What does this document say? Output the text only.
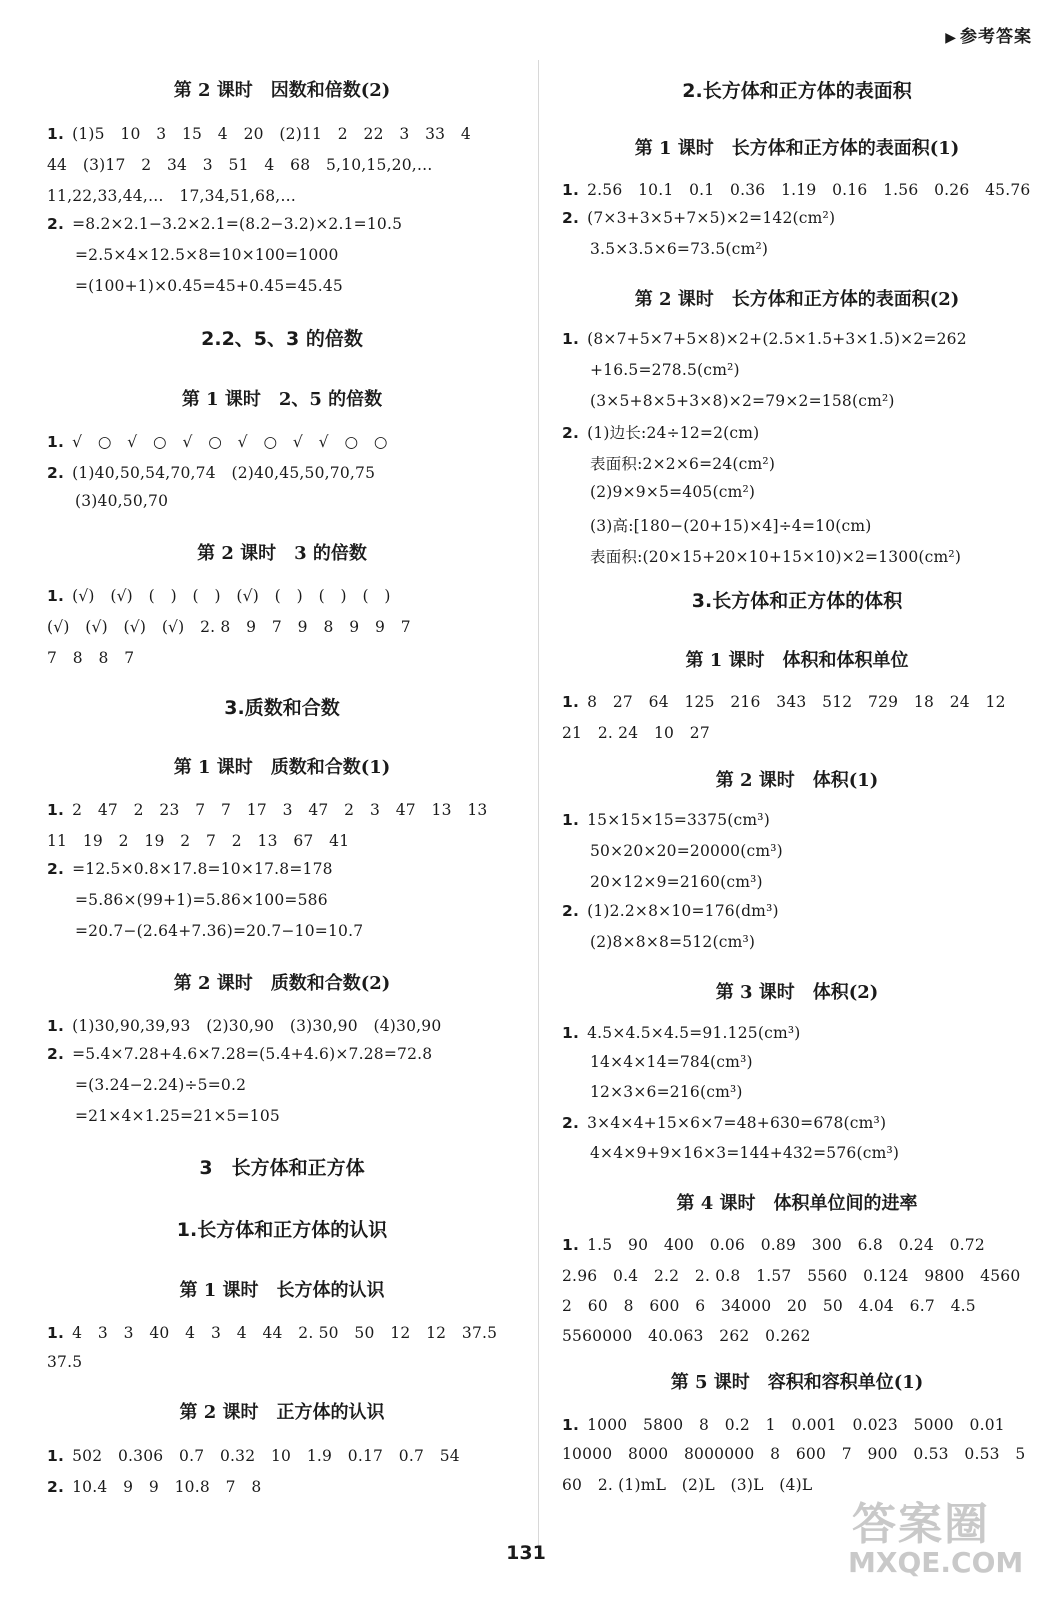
▶ 参考答案
第 2 课时　因数和倍数(2)
1. (1)5　10　3　15　4　20　(2)11　2　22　3　33　4
44　(3)17　2　34　3　51　4　68　5,10,15,20,…
11,22,33,44,…　17,34,51,68,…
2. =8.2×2.1−3.2×2.1=(8.2−3.2)×2.1=10.5
=2.5×4×12.5×8=10×100=1000
=(100+1)×0.45=45+0.45=45.45
2.2、5、3 的倍数
第 1 课时　2、5 的倍数
1. √　○　√　○　√　○　√　○　√　√　○　○
2. (1)40,50,54,70,74　(2)40,45,50,70,75
(3)40,50,70
第 2 课时　3 的倍数
1. (√)　(√)　(　)　(　)　(√)　(　)　(　)　(　)
(√)　(√)　(√)　(√)　2. 8　9　7　9　8　9　9　7
7　8　8　7
3.质数和合数
第 1 课时　质数和合数(1)
1. 2　47　2　23　7　7　17　3　47　2　3　47　13　13
11　19　2　19　2　7　2　13　67　41
2. =12.5×0.8×17.8=10×17.8=178
=5.86×(99+1)=5.86×100=586
=20.7−(2.64+7.36)=20.7−10=10.7
第 2 课时　质数和合数(2)
1. (1)30,90,39,93　(2)30,90　(3)30,90　(4)30,90
2. =5.4×7.28+4.6×7.28=(5.4+4.6)×7.28=72.8
=(3.24−2.24)÷5=0.2
=21×4×1.25=21×5=105
3　长方体和正方体
1.长方体和正方体的认识
第 1 课时　长方体的认识
1. 4　3　3　40　4　3　4　44　2. 50　50　12　12　37.5
37.5
第 2 课时　正方体的认识
1. 502　0.306　0.7　0.32　10　1.9　0.17　0.7　54
2. 10.4　9　9　10.8　7　8
2.长方体和正方体的表面积
第 1 课时　长方体和正方体的表面积(1)
1. 2.56　10.1　0.1　0.36　1.19　0.16　1.56　0.26　45.76
2. (7×3+3×5+7×5)×2=142(cm²)
3.5×3.5×6=73.5(cm²)
第 2 课时　长方体和正方体的表面积(2)
1. (8×7+5×7+5×8)×2+(2.5×1.5+3×1.5)×2=262
+16.5=278.5(cm²)
(3×5+8×5+3×8)×2=79×2=158(cm²)
2. (1)边长:24÷12=2(cm)
表面积:2×2×6=24(cm²)
(2)9×9×5=405(cm²)
(3)高:[180−(20+15)×4]÷4=10(cm)
表面积:(20×15+20×10+15×10)×2=1300(cm²)
3.长方体和正方体的体积
第 1 课时　体积和体积单位
1. 8　27　64　125　216　343　512　729　18　24　12
21　2. 24　10　27
第 2 课时　体积(1)
1. 15×15×15=3375(cm³)
50×20×20=20000(cm³)
20×12×9=2160(cm³)
2. (1)2.2×8×10=176(dm³)
(2)8×8×8=512(cm³)
第 3 课时　体积(2)
1. 4.5×4.5×4.5=91.125(cm³)
14×4×14=784(cm³)
12×3×6=216(cm³)
2. 3×4×4+15×6×7=48+630=678(cm³)
4×4×9+9×16×3=144+432=576(cm³)
第 4 课时　体积单位间的进率
1. 1.5　90　400　0.06　0.89　300　6.8　0.24　0.72
2.96　0.4　2.2　2. 0.8　1.57　5560　0.124　9800　4560
2　60　8　600　6　34000　20　50　4.04　6.7　4.5
5560000　40.063　262　0.262
第 5 课时　容积和容积单位(1)
1. 1000　5800　8　0.2　1　0.001　0.023　5000　0.01
10000　8000　8000000　8　600　7　900　0.53　0.53　5
60　2. (1)mL　(2)L　(3)L　(4)L
131
答案圈
MXQE.COM
